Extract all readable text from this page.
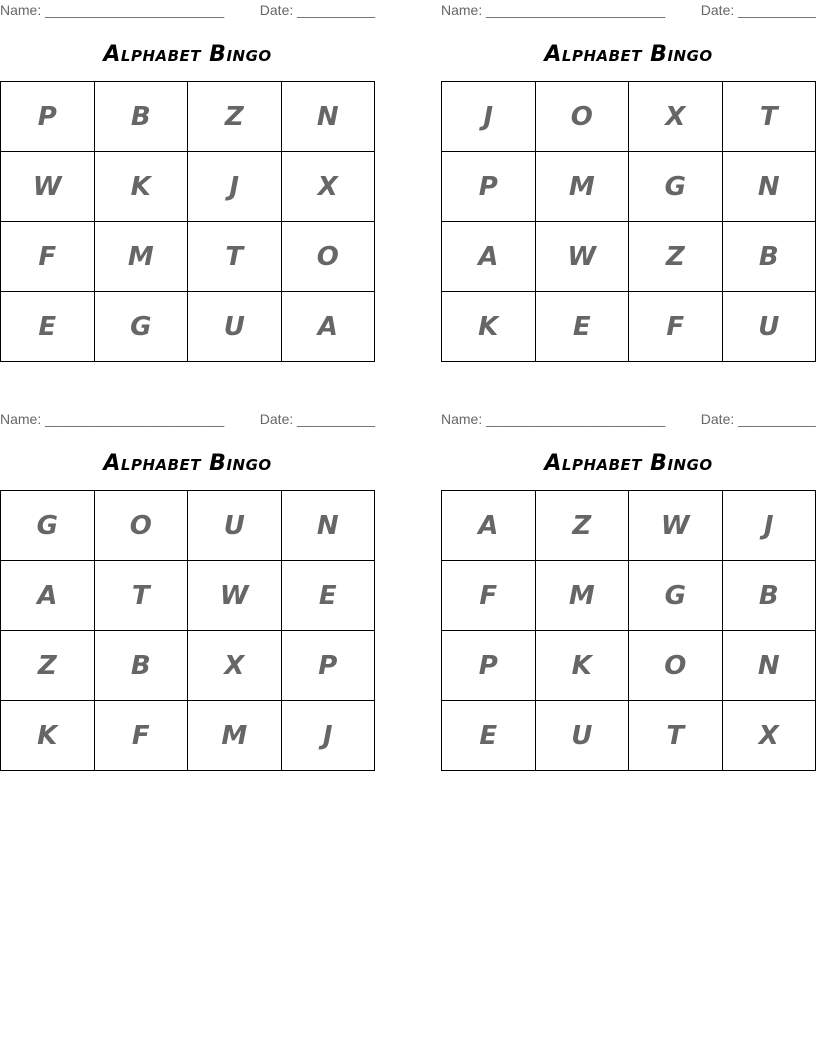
Name: _______________________	Date: __________
Alphabet Bingo
P	B	Z	N
W	K	J	X
F	M	T	O
E	G	U	A
Name: _______________________	Date: __________
Alphabet Bingo
J	O	X	T
P	M	G	N
A	W	Z	B
K	E	F	U
Name: _______________________	Date: __________
Alphabet Bingo
G	O	U	N
A	T	W	E
Z	B	X	P
K	F	M	J
Name: _______________________	Date: __________
Alphabet Bingo
A	Z	W	J
F	M	G	B
P	K	O	N
E	U	T	X
